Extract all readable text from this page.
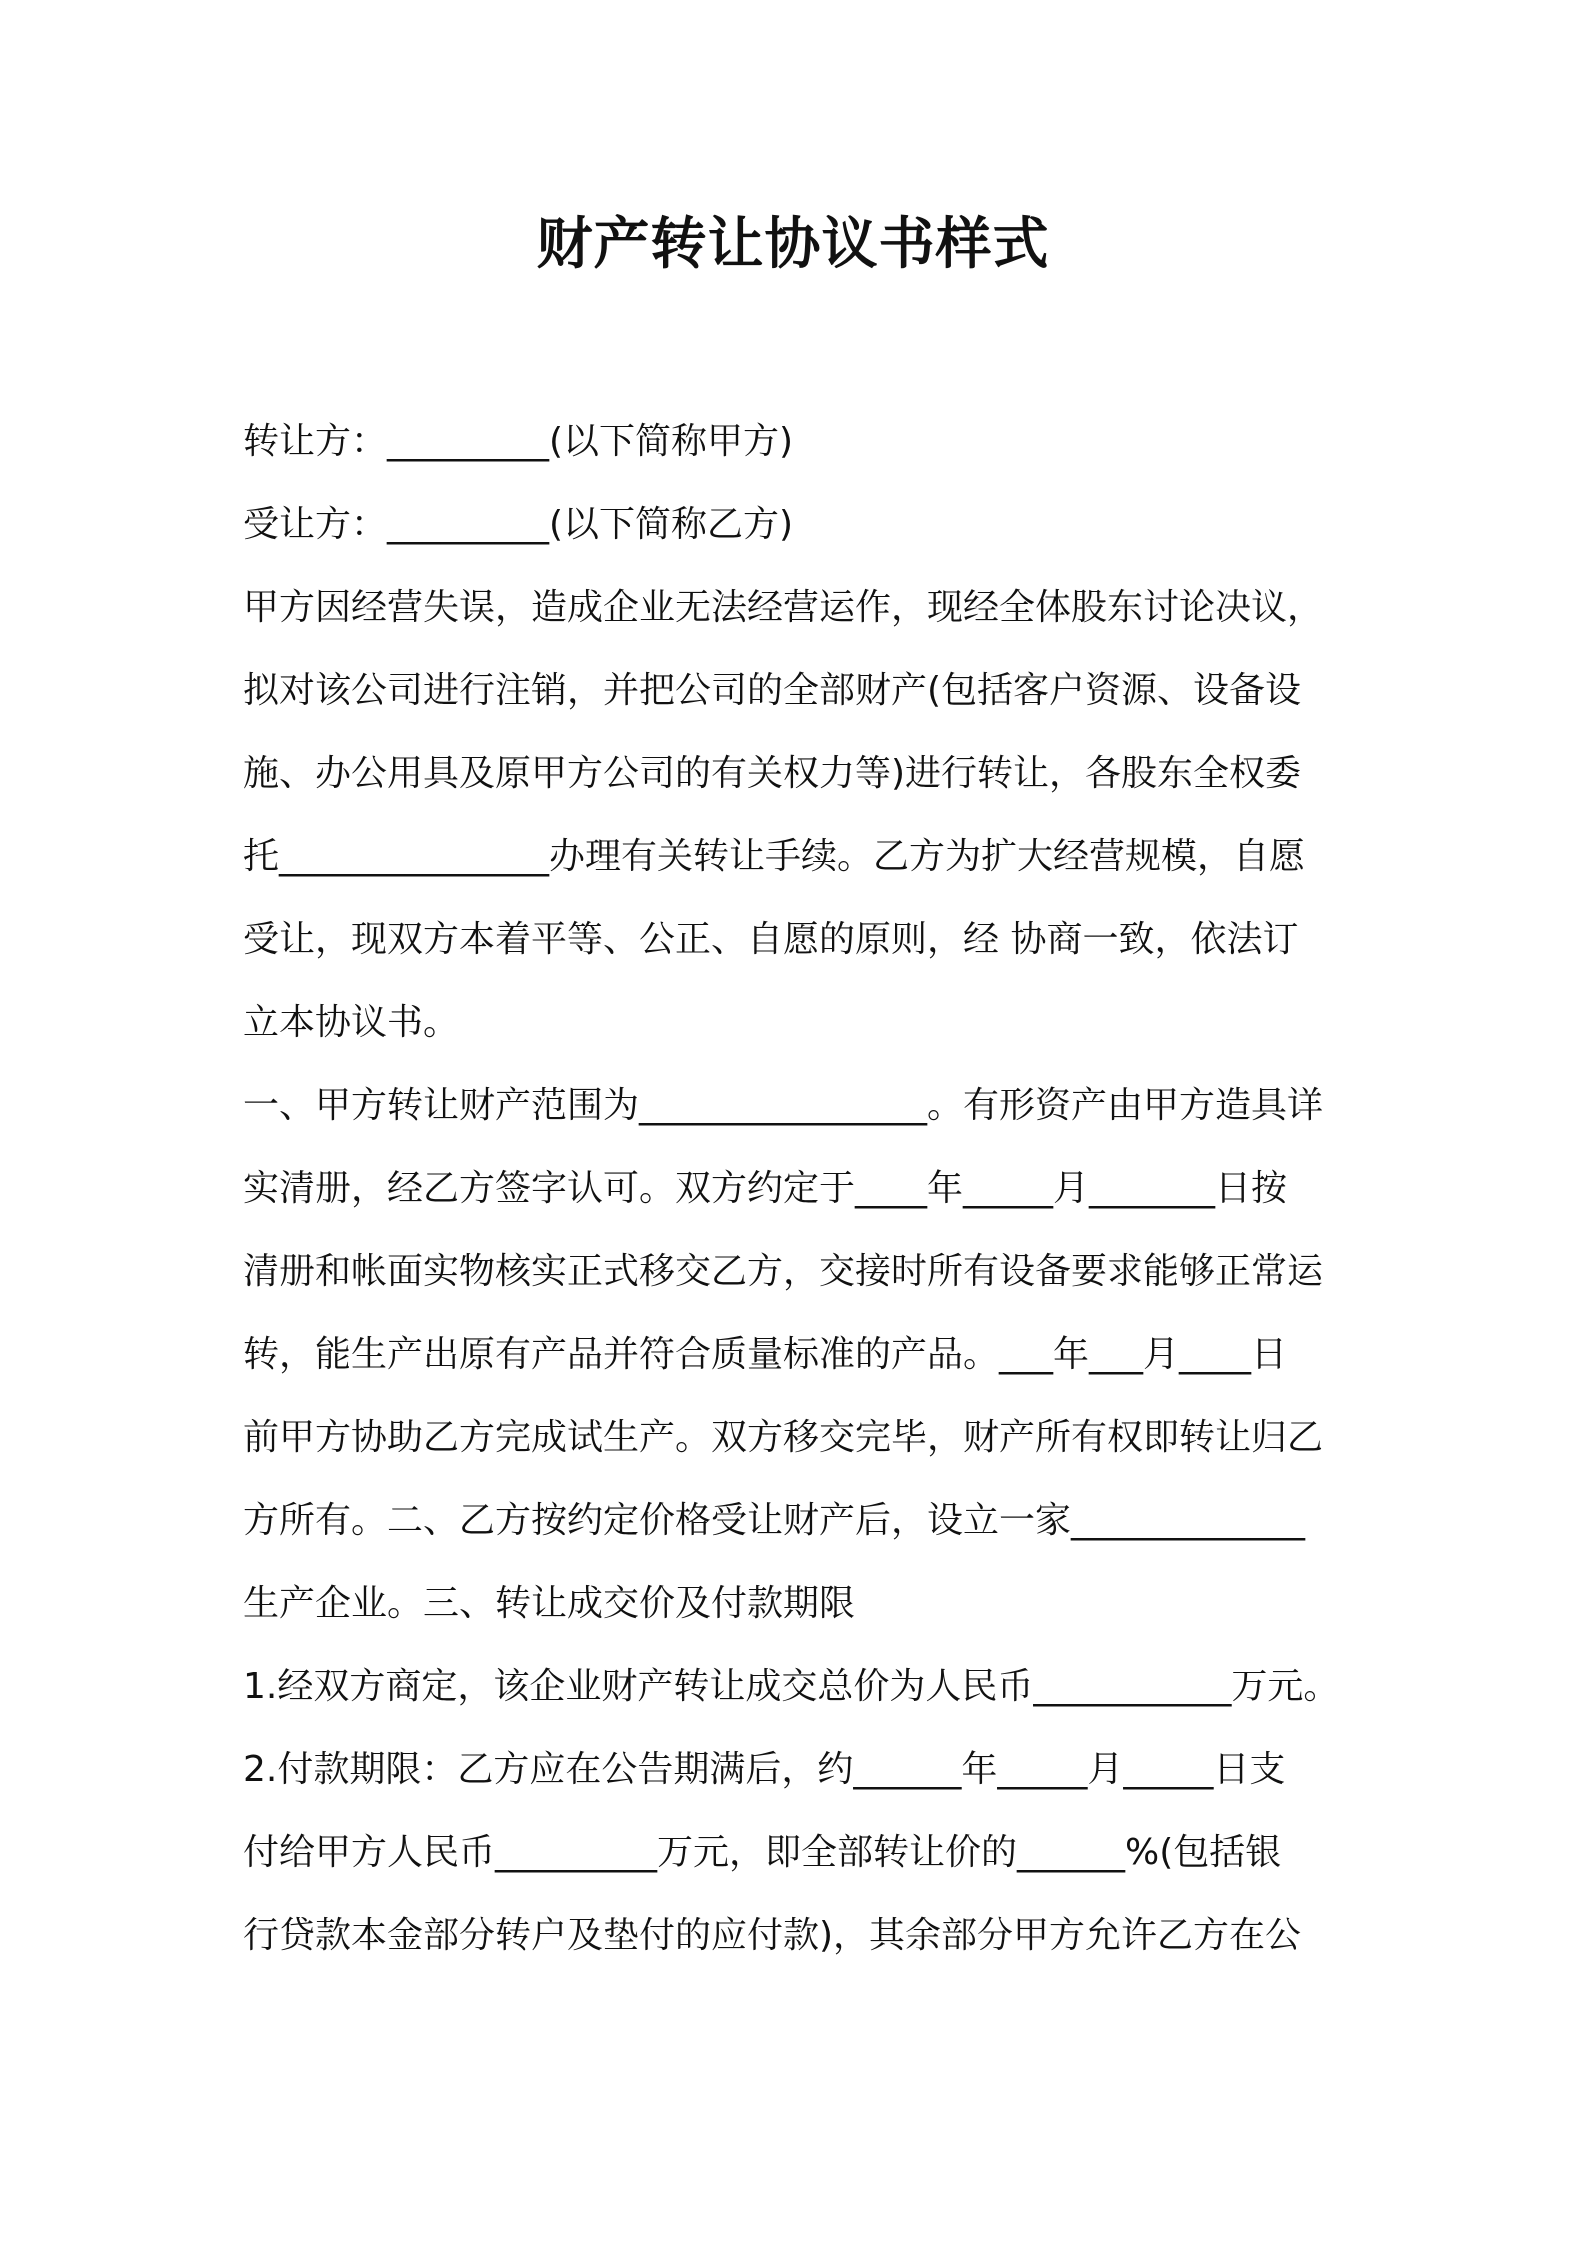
财产转让协议书样式
转让方：_________(以下简称甲方)
受让方：_________(以下简称乙方)
甲方因经营失误，造成企业无法经营运作，现经全体股东讨论决议，
拟对该公司进行注销，并把公司的全部财产(包括客户资源、设备设
施、办公用具及原甲方公司的有关权力等)进行转让，各股东全权委
托_______________办理有关转让手续。乙方为扩大经营规模，自愿
受让，现双方本着平等、公正、自愿的原则，经 协商一致，依法订
立本协议书。
一、甲方转让财产范围为________________。有形资产由甲方造具详
实清册，经乙方签字认可。双方约定于____年_____月_______日按
清册和帐面实物核实正式移交乙方，交接时所有设备要求能够正常运
转，能生产出原有产品并符合质量标准的产品。___年___月____日
前甲方协助乙方完成试生产。双方移交完毕，财产所有权即转让归乙
方所有。二、乙方按约定价格受让财产后，设立一家_____________
生产企业。三、转让成交价及付款期限
1.经双方商定，该企业财产转让成交总价为人民币___________万元。
2.付款期限：乙方应在公告期满后，约______年_____月_____日支
付给甲方人民币_________万元，即全部转让价的______%(包括银
行贷款本金部分转户及垫付的应付款)，其余部分甲方允许乙方在公
